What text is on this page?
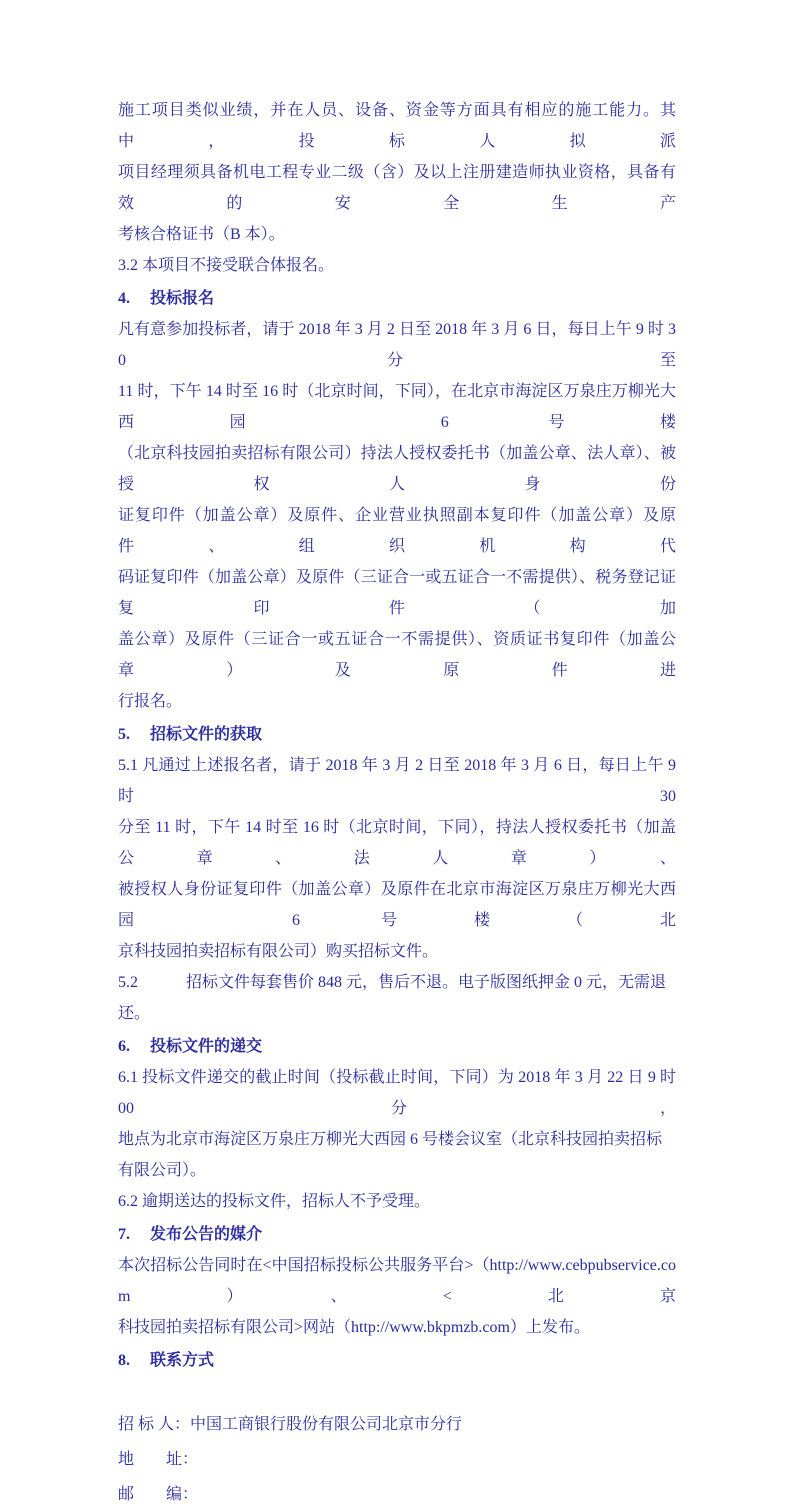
施工项目类似业绩，并在人员、设备、资金等方面具有相应的施工能力。其中，投标人拟派
项目经理须具备机电工程专业二级（含）及以上注册建造师执业资格，具备有效的安全生产
考核合格证书（B 本）。
3.2 本项目不接受联合体报名。
4.　 投标报名
凡有意参加投标者，请于 2018 年 3 月 2 日至 2018 年 3 月 6 日，每日上午 9 时 30 分至
11 时，下午 14 时至 16 时（北京时间，下同），在北京市海淀区万泉庄万柳光大西园 6 号楼
（北京科技园拍卖招标有限公司）持法人授权委托书（加盖公章、法人章）、被授权人身份
证复印件（加盖公章）及原件、企业营业执照副本复印件（加盖公章）及原件、组织机构代
码证复印件（加盖公章）及原件（三证合一或五证合一不需提供）、税务登记证复印件（加
盖公章）及原件（三证合一或五证合一不需提供）、资质证书复印件（加盖公章）及原件进
行报名。
5.　 招标文件的获取
5.1 凡通过上述报名者，请于 2018 年 3 月 2 日至 2018 年 3 月 6 日，每日上午 9 时 30
分至 11 时，下午 14 时至 16 时（北京时间，下同），持法人授权委托书（加盖公章、法人章）、
被授权人身份证复印件（加盖公章）及原件在北京市海淀区万泉庄万柳光大西园 6 号楼（北
京科技园拍卖招标有限公司）购买招标文件。
5.2　　　招标文件每套售价 848 元，售后不退。电子版图纸押金 0 元，无需退还。
6.　 投标文件的递交
6.1 投标文件递交的截止时间（投标截止时间，下同）为 2018 年 3 月 22 日 9 时 00 分，
地点为北京市海淀区万泉庄万柳光大西园 6 号楼会议室（北京科技园拍卖招标有限公司）。
6.2 逾期送达的投标文件，招标人不予受理。
7.　 发布公告的媒介
本次招标公告同时在<中国招标投标公共服务平台>（http://www.cebpubservice.com）、<北京
科技园拍卖招标有限公司>网站（http://www.bkpmzb.com）上发布。
8.　 联系方式
招 标 人：中国工商银行股份有限公司北京市分行
地　　址：
邮　　编：
